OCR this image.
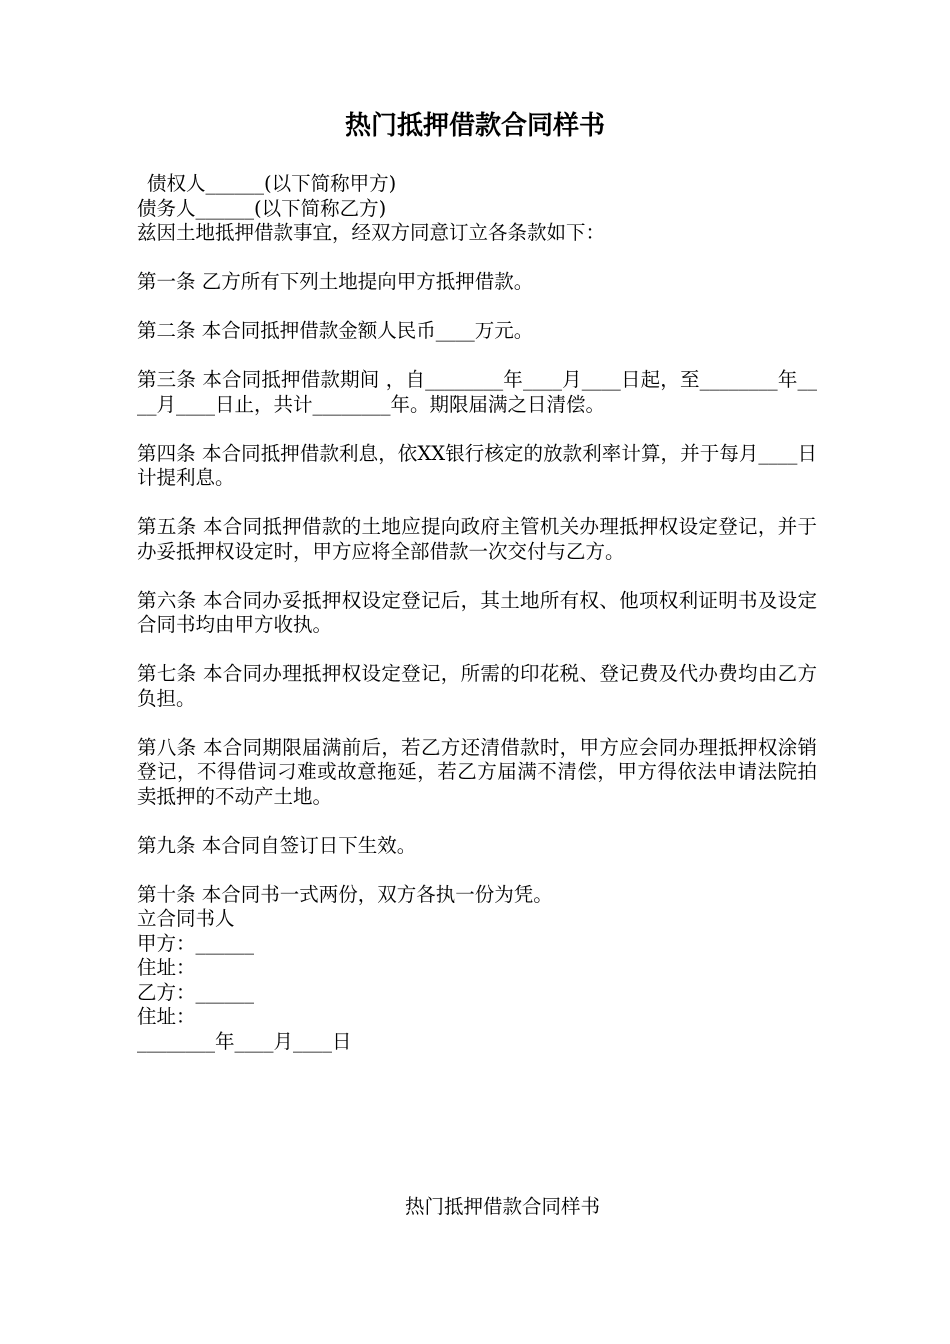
热门抵押借款合同样书
债权人______(以下简称甲方)
债务人______(以下简称乙方)
兹因土地抵押借款事宜，经双方同意订立各条款如下：
第一条 乙方所有下列土地提向甲方抵押借款。
第二条 本合同抵押借款金额人民币____万元。
第三条 本合同抵押借款期间 ，自________年____月____日起，至________年____月____日止，共计________年。期限届满之日清偿。
第四条 本合同抵押借款利息，依XX银行核定的放款利率计算，并于每月____日计提利息。
第五条 本合同抵押借款的土地应提向政府主管机关办理抵押权设定登记，并于办妥抵押权设定时，甲方应将全部借款一次交付与乙方。
第六条 本合同办妥抵押权设定登记后，其土地所有权、他项权利证明书及设定合同书均由甲方收执。
第七条 本合同办理抵押权设定登记，所需的印花税、登记费及代办费均由乙方负担。
第八条 本合同期限届满前后，若乙方还清借款时，甲方应会同办理抵押权涂销登记，不得借词刁难或故意拖延，若乙方届满不清偿，甲方得依法申请法院拍卖抵押的不动产土地。
第九条 本合同自签订日下生效。
第十条 本合同书一式两份，双方各执一份为凭。
立合同书人
甲方：______
住址：
乙方：______
住址：
________年____月____日
热门抵押借款合同样书
